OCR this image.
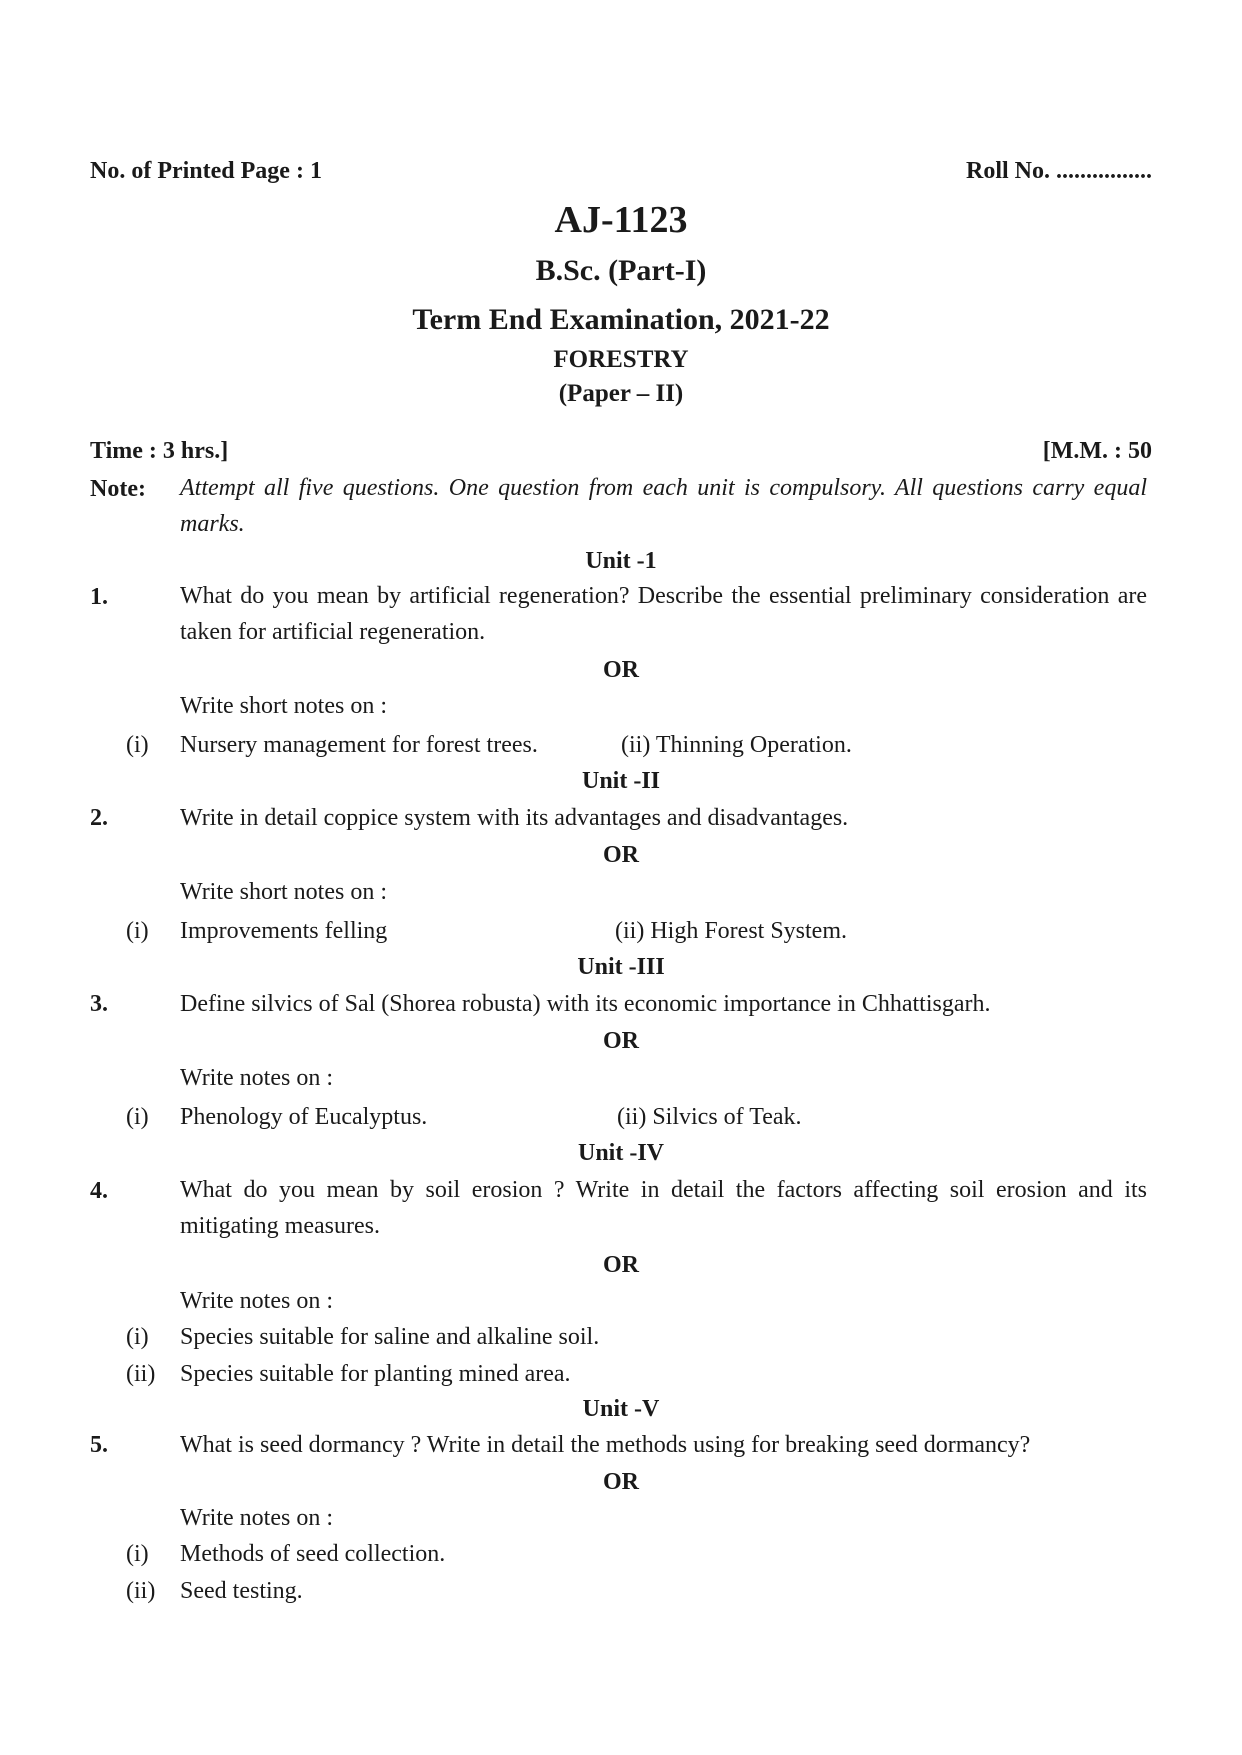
No. of Printed Page : 1	Roll No. ................
AJ-1123
B.Sc. (Part-I)
Term End Examination, 2021-22
FORESTRY
(Paper – II)
Time : 3 hrs.]	[M.M. : 50
Note: Attempt all five questions. One question from each unit is compulsory. All questions carry equal marks.
Unit -1
1.	What do you mean by artificial regeneration? Describe the essential preliminary consideration are taken for artificial regeneration.
OR
Write short notes on :
(i) Nursery management for forest trees.	(ii) Thinning Operation.
Unit -II
2.	Write in detail coppice system with its advantages and disadvantages.
OR
Write short notes on :
(i) Improvements felling	(ii) High Forest System.
Unit -III
3.	Define silvics of Sal (Shorea robusta) with its economic importance in Chhattisgarh.
OR
Write notes on :
(i) Phenology of Eucalyptus.	(ii) Silvics of Teak.
Unit -IV
4.	What do you mean by soil erosion ? Write in detail the factors affecting soil erosion and its mitigating measures.
OR
Write notes on :
(i) Species suitable for saline and alkaline soil.
(ii) Species suitable for planting mined area.
Unit -V
5.	What is seed dormancy ? Write in detail the methods using for breaking seed dormancy?
OR
Write notes on :
(i) Methods of seed collection.
(ii) Seed testing.
